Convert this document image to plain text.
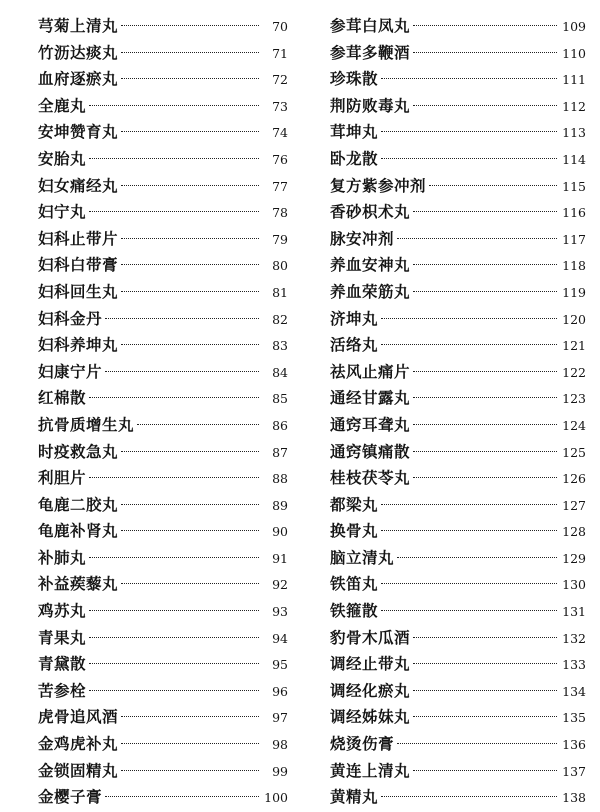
芎菊上清丸	70
竹沥达痰丸	71
血府逐瘀丸	72
全鹿丸	73
安坤赞育丸	74
安胎丸	76
妇女痛经丸	77
妇宁丸	78
妇科止带片	79
妇科白带膏	80
妇科回生丸	81
妇科金丹	82
妇科养坤丸	83
妇康宁片	84
红棉散	85
抗骨质增生丸	86
时疫救急丸	87
利胆片	88
龟鹿二胶丸	89
龟鹿补肾丸	90
补肺丸	91
补益蒺藜丸	92
鸡苏丸	93
青果丸	94
青黛散	95
苦参栓	96
虎骨追风酒	97
金鸡虎补丸	98
金锁固精丸	99
金樱子膏	100
参茸白凤丸	109
参茸多鞭酒	110
珍珠散	111
荆防败毒丸	112
茸坤丸	113
卧龙散	114
复方紫参冲剂	115
香砂枳术丸	116
脉安冲剂	117
养血安神丸	118
养血荣筋丸	119
济坤丸	120
活络丸	121
祛风止痛片	122
通经甘露丸	123
通窍耳聋丸	124
通窍镇痛散	125
桂枝茯苓丸	126
都梁丸	127
换骨丸	128
脑立清丸	129
铁笛丸	130
铁箍散	131
豹骨木瓜酒	132
调经止带丸	133
调经化瘀丸	134
调经姊妹丸	135
烧烫伤膏	136
黄连上清丸	137
黄精丸	138
